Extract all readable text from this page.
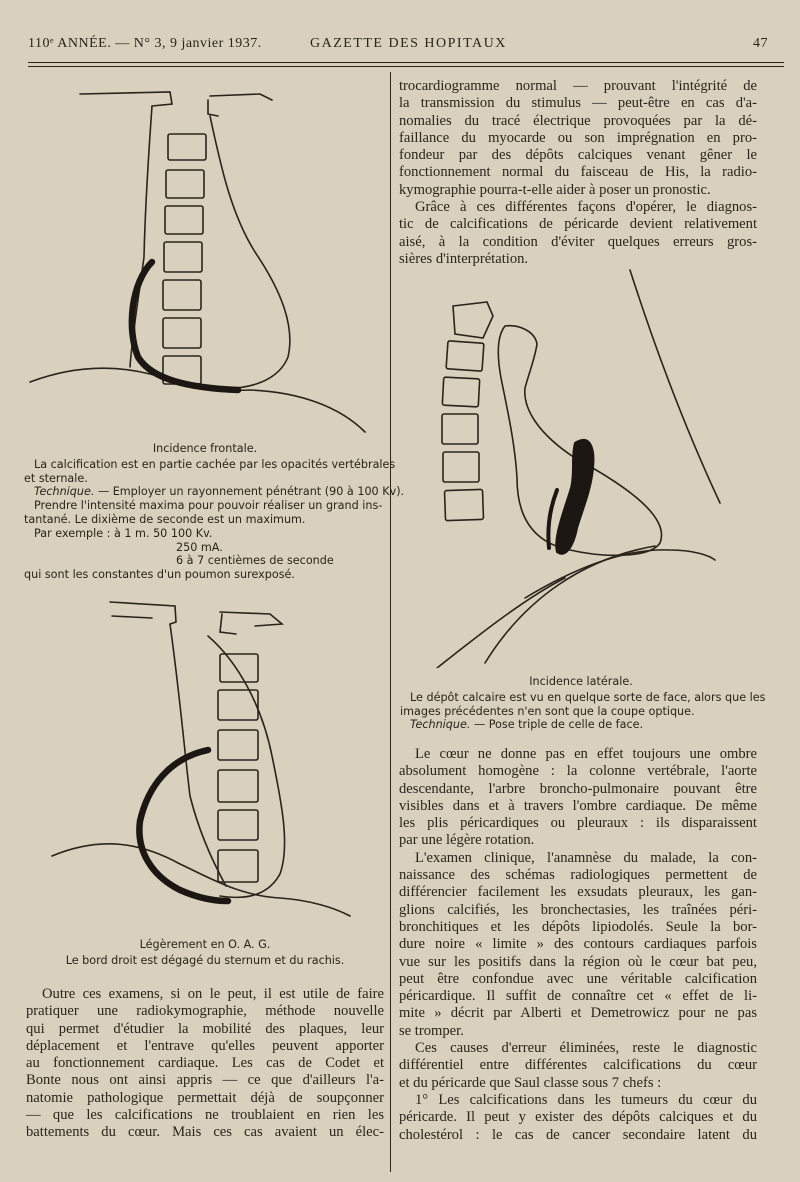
110ᵉ ANNÉE. — N° 3, 9 janvier 1937.	GAZETTE DES HOPITAUX	47
Incidence frontale.
La calcification est en partie cachée par les opacités vertébrales
et sternale.
Technique. — Employer un rayonnement pénétrant (90 à 100 Kv).
Prendre l'intensité maxima pour pouvoir réaliser un grand ins-
tantané. Le dixième de seconde est un maximum.
Par exemple : à 1 m. 50 100 Kv.
250 mA.
6 à 7 centièmes de seconde
qui sont les constantes d'un poumon surexposé.
Légèrement en O. A. G.
Le bord droit est dégagé du sternum et du rachis.

Outre ces examens, si on le peut, il est utile de faire
pratiquer une radiokymographie, méthode nouvelle
qui permet d'étudier la mobilité des plaques, leur
déplacement et l'entrave qu'elles peuvent apporter
au fonctionnement cardiaque. Les cas de Codet et
Bonte nous ont ainsi appris — ce que d'ailleurs l'a-
natomie pathologique permettait déjà de soupçonner
— que les calcifications ne troublaient en rien les
battements du cœur. Mais ces cas avaient un élec-

trocardiogramme normal — prouvant l'intégrité de
la transmission du stimulus — peut-être en cas d'a-
nomalies du tracé électrique provoquées par la dé-
faillance du myocarde ou son imprégnation en pro-
fondeur par des dépôts calciques venant gêner le
fonctionnement normal du faisceau de His, la radio-
kymographie pourra-t-elle aider à poser un pronostic.

Grâce à ces différentes façons d'opérer, le diagnos-
tic de calcifications de péricarde devient relativement
aisé, à la condition d'éviter quelques erreurs gros-
sières d'interprétation.

Incidence latérale.
Le dépôt calcaire est vu en quelque sorte de face, alors que les
images précédentes n'en sont que la coupe optique.
Technique. — Pose triple de celle de face.

Le cœur ne donne pas en effet toujours une ombre
absolument homogène : la colonne vertébrale, l'aorte
descendante, l'arbre broncho-pulmonaire pouvant être
visibles dans et à travers l'ombre cardiaque. De même
les plis péricardiques ou pleuraux : ils disparaissent
par une légère rotation.

L'examen clinique, l'anamnèse du malade, la con-
naissance des schémas radiologiques permettent de
différencier facilement les exsudats pleuraux, les gan-
glions calcifiés, les bronchectasies, les traînées péri-
bronchitiques et les dépôts lipiodolés. Seule la bor-
dure noire « limite » des contours cardiaques parfois
vue sur les positifs dans la région où le cœur bat peu,
peut être confondue avec une véritable calcification
péricardique. Il suffit de connaître cet « effet de li-
mite » décrit par Alberti et Demetrowicz pour ne pas
se tromper.

Ces causes d'erreur éliminées, reste le diagnostic
différentiel entre différentes calcifications du cœur
et du péricarde que Saul classe sous 7 chefs :

1° Les calcifications dans les tumeurs du cœur du
péricarde. Il peut y exister des dépôts calciques et du
cholestérol : le cas de cancer secondaire latent du
